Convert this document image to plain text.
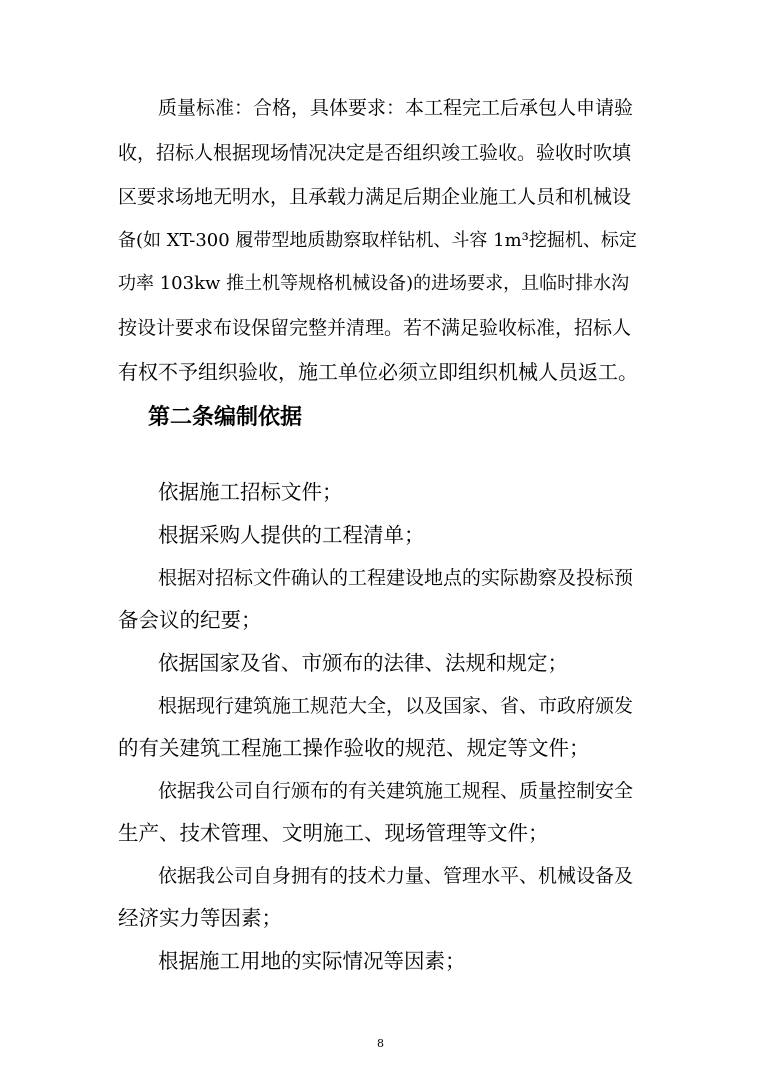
质量标准：合格，具体要求：本工程完工后承包人申请验
收，招标人根据现场情况决定是否组织竣工验收。验收时吹填
区要求场地无明水，且承载力满足后期企业施工人员和机械设
备(如 XT-300 履带型地质勘察取样钻机、斗容 1m³挖掘机、标定
功率 103kw 推土机等规格机械设备)的进场要求，且临时排水沟
按设计要求布设保留完整并清理。若不满足验收标准，招标人
有权不予组织验收，施工单位必须立即组织机械人员返工。
第二条编制依据
依据施工招标文件；
根据采购人提供的工程清单；
根据对招标文件确认的工程建设地点的实际勘察及投标预
备会议的纪要；
依据国家及省、市颁布的法律、法规和规定；
根据现行建筑施工规范大全，以及国家、省、市政府颁发
的有关建筑工程施工操作验收的规范、规定等文件；
依据我公司自行颁布的有关建筑施工规程、质量控制安全
生产、技术管理、文明施工、现场管理等文件；
依据我公司自身拥有的技术力量、管理水平、机械设备及
经济实力等因素；
根据施工用地的实际情况等因素；
8
